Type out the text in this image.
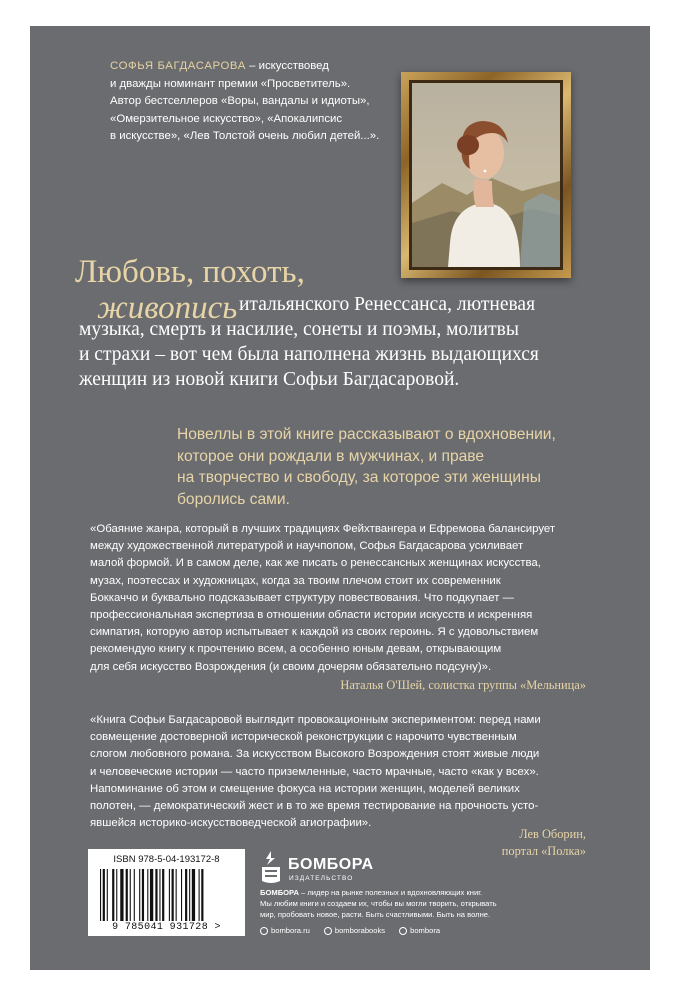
СОФЬЯ БАГДАСАРОВА – искусствовед
и дважды номинант премии «Просветитель».
Автор бестселлеров «Воры, вандалы и идиоты»,
«Омерзительное искусство», «Апокалипсис
в искусстве», «Лев Толстой очень любил детей...».
Любовь, похоть,
живопись итальянского Ренессанса, лютневая
музыка, смерть и насилие, сонеты и поэмы, молитвы
и страхи – вот чем была наполнена жизнь выдающихся
женщин из новой книги Софьи Багдасаровой.
Новеллы в этой книге рассказывают о вдохновении,
которое они рождали в мужчинах, и праве
на творчество и свободу, за которое эти женщины
боролись сами.
«Обаяние жанра, который в лучших традициях Фейхтвангера и Ефремова балансирует
между художественной литературой и научпопом, Софья Багдасарова усиливает
малой формой. И в самом деле, как же писать о ренессансных женщинах искусства,
музах, поэтессах и художницах, когда за твоим плечом стоит их современник
Боккаччо и буквально подсказывает структуру повествования. Что подкупает —
профессиональная экспертиза в отношении области истории искусств и искренняя
симпатия, которую автор испытывает к каждой из своих героинь. Я с удовольствием
рекомендую книгу к прочтению всем, а особенно юным девам, открывающим
для себя искусство Возрождения (и своим дочерям обязательно подсуну)».
Наталья О'Шей, солистка группы «Мельница»
«Книга Софьи Багдасаровой выглядит провокационным экспериментом: перед нами
совмещение достоверной исторической реконструкции с нарочито чувственным
слогом любовного романа. За искусством Высокого Возрождения стоят живые люди
и человеческие истории — часто приземленные, часто мрачные, часто «как у всех».
Напоминание об этом и смещение фокуса на истории женщин, моделей великих
полотен, — демократический жест и в то же время тестирование на прочность усто-
явшейся историко-искусствоведческой агиографии».
Лев Оборин,
портал «Полка»
ISBN 978-5-04-193172-8
9 785041 931728 >
БОМБОРА
ИЗДАТЕЛЬСТВО
БОМБОРА – лидер на рынке полезных и вдохновляющих книг.
Мы любим книги и создаем их, чтобы вы могли творить, открывать
мир, пробовать новое, расти. Быть счастливыми. Быть на волне.
bombora.ru	bomborabooks	bombora
